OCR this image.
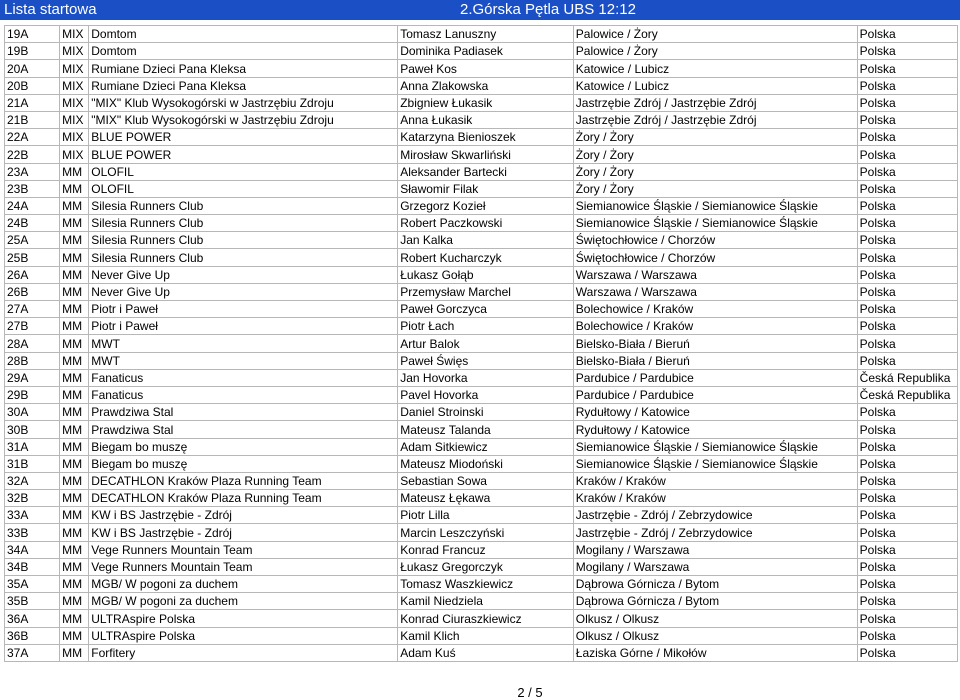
Lista startowa	2.Górska Pętla UBS 12:12
19A	MIX	Domtom	Tomasz Lanuszny	Palowice / Żory	Polska
19B	MIX	Domtom	Dominika Padiasek	Palowice / Żory	Polska
20A	MIX	Rumiane Dzieci Pana Kleksa	Paweł Kos	Katowice / Lubicz	Polska
20B	MIX	Rumiane Dzieci Pana Kleksa	Anna Zlakowska	Katowice / Lubicz	Polska
21A	MIX	"MIX" Klub Wysokogórski w Jastrzębiu Zdroju	Zbigniew Łukasik	Jastrzębie Zdrój / Jastrzębie Zdrój	Polska
21B	MIX	"MIX" Klub Wysokogórski w Jastrzębiu Zdroju	Anna Łukasik	Jastrzębie Zdrój / Jastrzębie Zdrój	Polska
22A	MIX	BLUE POWER	Katarzyna Bienioszek	Żory / Żory	Polska
22B	MIX	BLUE POWER	Mirosław Skwarliński	Żory / Żory	Polska
23A	MM	OLOFIL	Aleksander Bartecki	Żory / Żory	Polska
23B	MM	OLOFIL	Sławomir Filak	Żory / Żory	Polska
24A	MM	Silesia Runners Club	Grzegorz Kozieł	Siemianowice Śląskie / Siemianowice Śląskie	Polska
24B	MM	Silesia Runners Club	Robert Paczkowski	Siemianowice Śląskie / Siemianowice Śląskie	Polska
25A	MM	Silesia Runners Club	Jan Kalka	Świętochłowice / Chorzów	Polska
25B	MM	Silesia Runners Club	Robert Kucharczyk	Świętochłowice / Chorzów	Polska
26A	MM	Never Give Up	Łukasz Gołąb	Warszawa / Warszawa	Polska
26B	MM	Never Give Up	Przemysław Marchel	Warszawa / Warszawa	Polska
27A	MM	Piotr i Paweł	Paweł Gorczyca	Bolechowice / Kraków	Polska
27B	MM	Piotr i Paweł	Piotr Łach	Bolechowice / Kraków	Polska
28A	MM	MWT	Artur Balok	Bielsko-Biała / Bieruń	Polska
28B	MM	MWT	Paweł Święs	Bielsko-Biała / Bieruń	Polska
29A	MM	Fanaticus	Jan Hovorka	Pardubice / Pardubice	Česká Republika
29B	MM	Fanaticus	Pavel Hovorka	Pardubice / Pardubice	Česká Republika
30A	MM	Prawdziwa Stal	Daniel Stroinski	Rydułtowy / Katowice	Polska
30B	MM	Prawdziwa Stal	Mateusz Talanda	Rydułtowy / Katowice	Polska
31A	MM	Biegam bo muszę	Adam Sitkiewicz	Siemianowice Śląskie / Siemianowice Śląskie	Polska
31B	MM	Biegam bo muszę	Mateusz Miodoński	Siemianowice Śląskie / Siemianowice Śląskie	Polska
32A	MM	DECATHLON Kraków Plaza Running Team	Sebastian Sowa	Kraków / Kraków	Polska
32B	MM	DECATHLON Kraków Plaza Running Team	Mateusz Łękawa	Kraków / Kraków	Polska
33A	MM	KW i BS Jastrzębie - Zdrój	Piotr Lilla	Jastrzębie - Zdrój / Zebrzydowice	Polska
33B	MM	KW i BS Jastrzębie - Zdrój	Marcin Leszczyński	Jastrzębie - Zdrój / Zebrzydowice	Polska
34A	MM	Vege Runners Mountain Team	Konrad Francuz	Mogilany / Warszawa	Polska
34B	MM	Vege Runners Mountain Team	Łukasz Gregorczyk	Mogilany / Warszawa	Polska
35A	MM	MGB/ W pogoni za duchem	Tomasz Waszkiewicz	Dąbrowa Górnicza / Bytom	Polska
35B	MM	MGB/ W pogoni za duchem	Kamil Niedziela	Dąbrowa Górnicza / Bytom	Polska
36A	MM	ULTRAspire Polska	Konrad Ciuraszkiewicz	Olkusz / Olkusz	Polska
36B	MM	ULTRAspire Polska	Kamil Klich	Olkusz / Olkusz	Polska
37A	MM	Forfitery	Adam Kuś	Łaziska Górne / Mikołów	Polska
2 / 5
